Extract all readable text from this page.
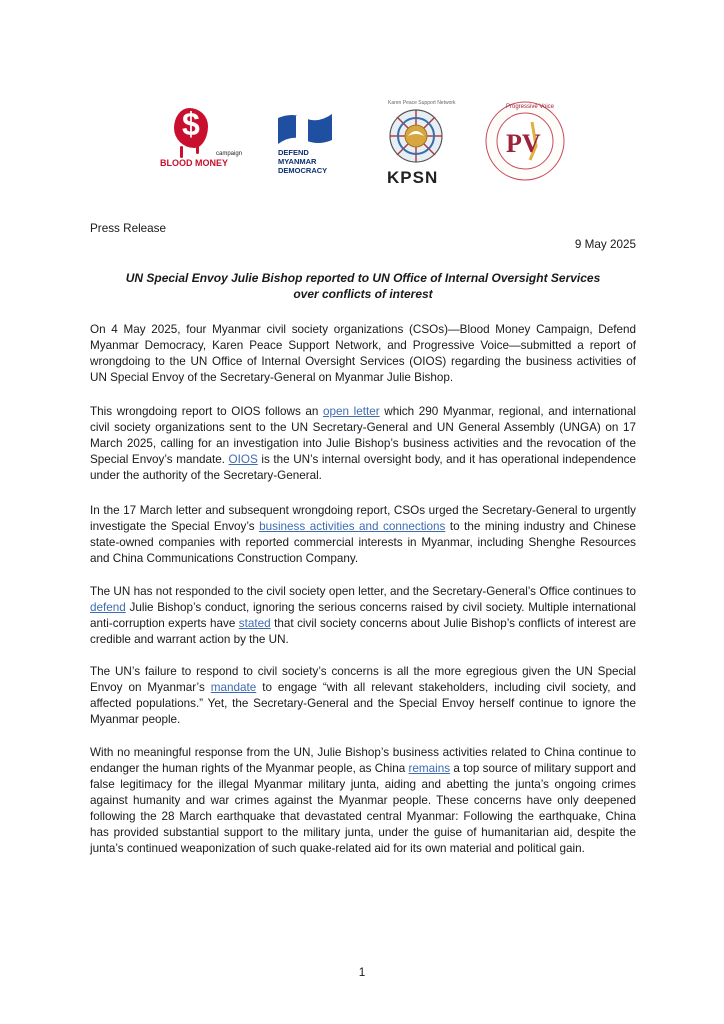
$
campaign
BLOOD MONEY
DEFEND
MYANMAR
DEMOCRACY
Karen Peace Support Network
KPSN
PV
Progressive Voice
Press Release
9 May 2025
UN Special Envoy Julie Bishop reported to UN Office of Internal Oversight Services
over conflicts of interest

On 4 May 2025, four Myanmar civil society organizations (CSOs)—Blood Money Campaign, Defend Myanmar Democracy, Karen Peace Support Network, and Progressive Voice—submitted a report of wrongdoing to the UN Office of Internal Oversight Services (OIOS) regarding the business activities of UN Special Envoy of the Secretary-General on Myanmar Julie Bishop.

This wrongdoing report to OIOS follows an open letter which 290 Myanmar, regional, and international civil society organizations sent to the UN Secretary-General and UN General Assembly (UNGA) on 17 March 2025, calling for an investigation into Julie Bishop’s business activities and the revocation of the Special Envoy’s mandate. OIOS is the UN’s internal oversight body, and it has operational independence under the authority of the Secretary-General.

In the 17 March letter and subsequent wrongdoing report, CSOs urged the Secretary-General to urgently investigate the Special Envoy’s business activities and connections to the mining industry and Chinese state-owned companies with reported commercial interests in Myanmar, including Shenghe Resources and China Communications Construction Company.

The UN has not responded to the civil society open letter, and the Secretary-General’s Office continues to defend Julie Bishop’s conduct, ignoring the serious concerns raised by civil society. Multiple international anti-corruption experts have stated that civil society concerns about Julie Bishop’s conflicts of interest are credible and warrant action by the UN.

The UN’s failure to respond to civil society’s concerns is all the more egregious given the UN Special Envoy on Myanmar’s mandate to engage “with all relevant stakeholders, including civil society, and affected populations.” Yet, the Secretary-General and the Special Envoy herself continue to ignore the Myanmar people.

With no meaningful response from the UN, Julie Bishop’s business activities related to China continue to endanger the human rights of the Myanmar people, as China remains a top source of military support and false legitimacy for the illegal Myanmar military junta, aiding and abetting the junta’s ongoing crimes against humanity and war crimes against the Myanmar people. These concerns have only deepened following the 28 March earthquake that devastated central Myanmar: Following the earthquake, China has provided substantial support to the military junta, under the guise of humanitarian aid, despite the junta’s continued weaponization of such quake-related aid for its own material and political gain.

1
